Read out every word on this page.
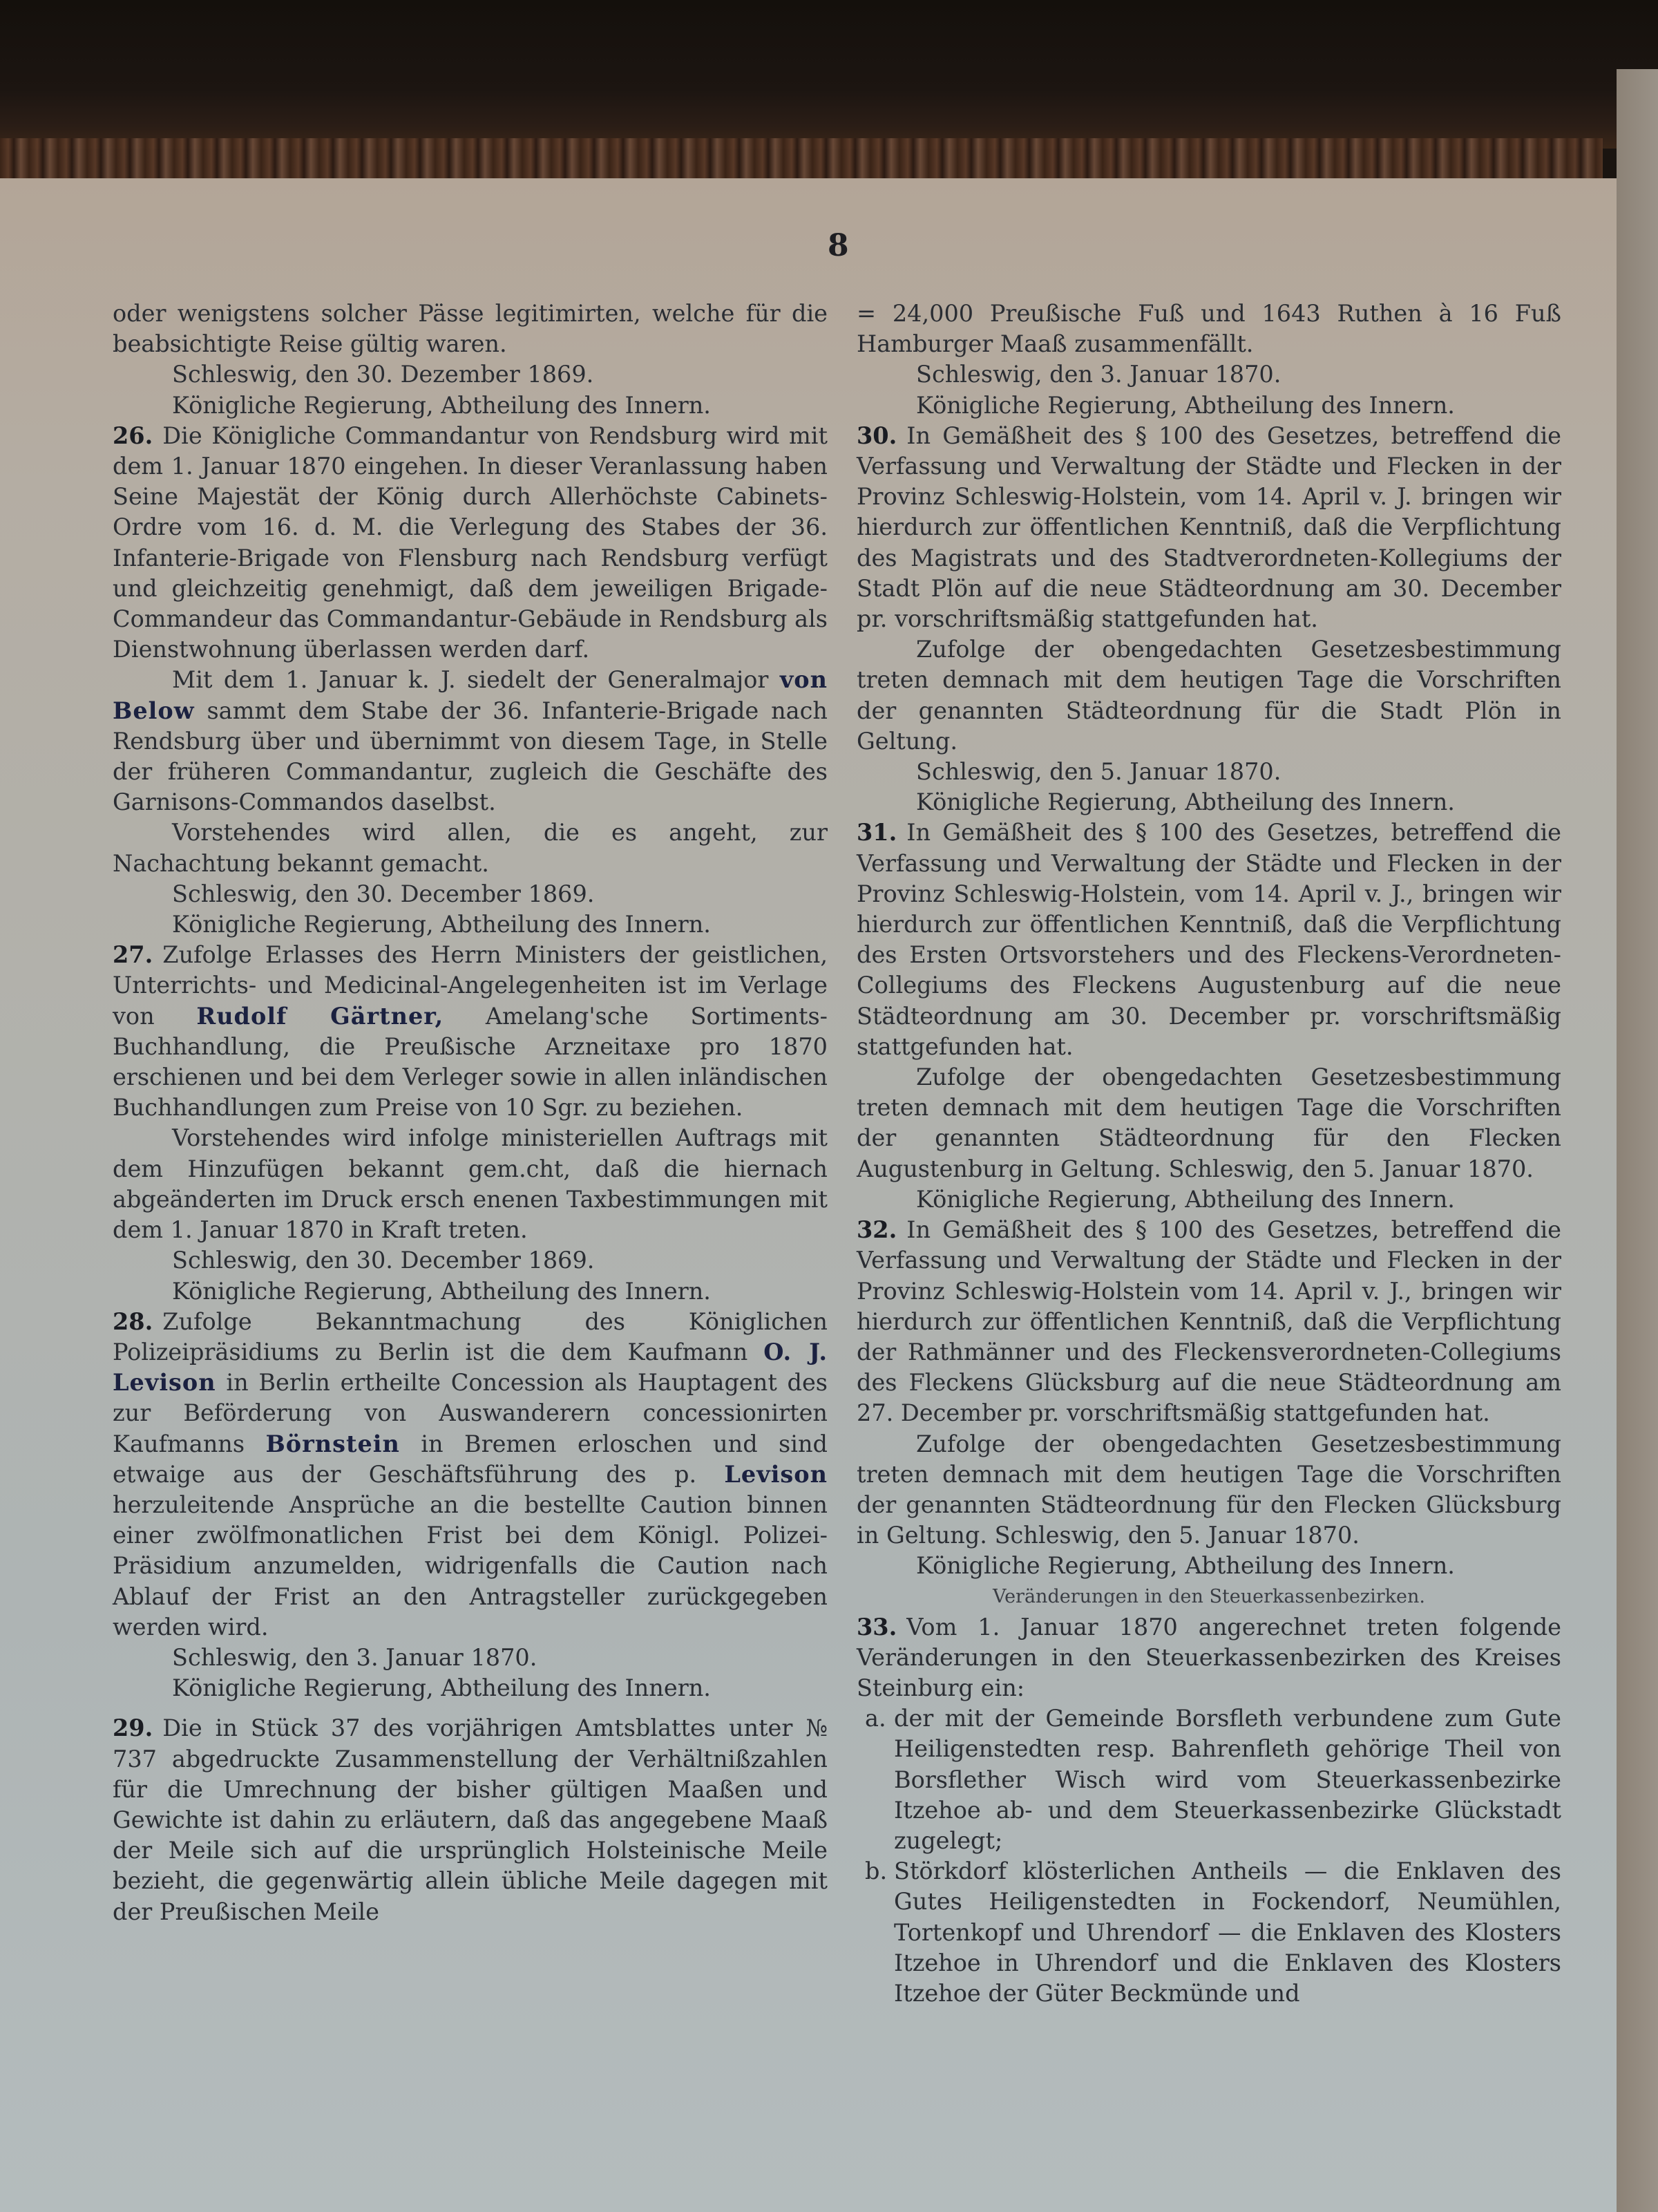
8

oder wenigstens solcher Pässe legitimirten, welche für die beabsichtigte Reise gültig waren.

Schleswig, den 30. Dezember 1869.

Königliche Regierung, Abtheilung des Innern.

26. Die Königliche Commandantur von Rendsburg wird mit dem 1. Januar 1870 eingehen. In dieser Veranlassung haben Seine Majestät der König durch Allerhöchste Cabinets-Ordre vom 16. d. M. die Verlegung des Stabes der 36. Infanterie-Brigade von Flensburg nach Rendsburg verfügt und gleichzeitig genehmigt, daß dem jeweiligen Brigade-Commandeur das Commandantur-Gebäude in Rendsburg als Dienstwohnung überlassen werden darf.

Mit dem 1. Januar k. J. siedelt der Generalmajor von Below sammt dem Stabe der 36. Infanterie-Brigade nach Rendsburg über und übernimmt von diesem Tage, in Stelle der früheren Commandantur, zugleich die Geschäfte des Garnisons-Commandos daselbst.

Vorstehendes wird allen, die es angeht, zur Nachachtung bekannt gemacht.

Schleswig, den 30. December 1869.

Königliche Regierung, Abtheilung des Innern.

27. Zufolge Erlasses des Herrn Ministers der geistlichen, Unterrichts- und Medicinal-Angelegenheiten ist im Verlage von Rudolf Gärtner, Amelang'sche Sortiments-Buchhandlung, die Preußische Arzneitaxe pro 1870 erschienen und bei dem Verleger sowie in allen inländischen Buchhandlungen zum Preise von 10 Sgr. zu beziehen.

Vorstehendes wird infolge ministeriellen Auftrags mit dem Hinzufügen bekannt gem.cht, daß die hiernach abgeänderten im Druck ersch enenen Taxbestimmungen mit dem 1. Januar 1870 in Kraft treten.

Schleswig, den 30. December 1869.

Königliche Regierung, Abtheilung des Innern.

28. Zufolge Bekanntmachung des Königlichen Polizeipräsidiums zu Berlin ist die dem Kaufmann O. J. Levison in Berlin ertheilte Concession als Hauptagent des zur Beförderung von Auswanderern concessionirten Kaufmanns Börnstein in Bremen erloschen und sind etwaige aus der Geschäftsführung des p. Levison herzuleitende Ansprüche an die bestellte Caution binnen einer zwölfmonatlichen Frist bei dem Königl. Polizei-Präsidium anzumelden, widrigenfalls die Caution nach Ablauf der Frist an den Antragsteller zurückgegeben werden wird.

Schleswig, den 3. Januar 1870.

Königliche Regierung, Abtheilung des Innern.

29. Die in Stück 37 des vorjährigen Amtsblattes unter № 737 abgedruckte Zusammenstellung der Verhältnißzahlen für die Umrechnung der bisher gültigen Maaßen und Gewichte ist dahin zu erläutern, daß das angegebene Maaß der Meile sich auf die ursprünglich Holsteinische Meile bezieht, die gegenwärtig allein übliche Meile dagegen mit der Preußischen Meile

= 24,000 Preußische Fuß und 1643 Ruthen à 16 Fuß Hamburger Maaß zusammenfällt.

Schleswig, den 3. Januar 1870.

Königliche Regierung, Abtheilung des Innern.

30. In Gemäßheit des § 100 des Gesetzes, betreffend die Verfassung und Verwaltung der Städte und Flecken in der Provinz Schleswig-Holstein, vom 14. April v. J. bringen wir hierdurch zur öffentlichen Kenntniß, daß die Verpflichtung des Magistrats und des Stadtverordneten-Kollegiums der Stadt Plön auf die neue Städteordnung am 30. December pr. vorschriftsmäßig stattgefunden hat.

Zufolge der obengedachten Gesetzesbestimmung treten demnach mit dem heutigen Tage die Vorschriften der genannten Städteordnung für die Stadt Plön in Geltung.

Schleswig, den 5. Januar 1870.

Königliche Regierung, Abtheilung des Innern.

31. In Gemäßheit des § 100 des Gesetzes, betreffend die Verfassung und Verwaltung der Städte und Flecken in der Provinz Schleswig-Holstein, vom 14. April v. J., bringen wir hierdurch zur öffentlichen Kenntniß, daß die Verpflichtung des Ersten Ortsvorstehers und des Fleckens-Verordneten-Collegiums des Fleckens Augustenburg auf die neue Städteordnung am 30. December pr. vorschriftsmäßig stattgefunden hat.

Zufolge der obengedachten Gesetzesbestimmung treten demnach mit dem heutigen Tage die Vorschriften der genannten Städteordnung für den Flecken Augustenburg in Geltung. Schleswig, den 5. Januar 1870.

Königliche Regierung, Abtheilung des Innern.

32. In Gemäßheit des § 100 des Gesetzes, betreffend die Verfassung und Verwaltung der Städte und Flecken in der Provinz Schleswig-Holstein vom 14. April v. J., bringen wir hierdurch zur öffentlichen Kenntniß, daß die Verpflichtung der Rathmänner und des Fleckensverordneten-Collegiums des Fleckens Glücksburg auf die neue Städteordnung am 27. December pr. vorschriftsmäßig stattgefunden hat.

Zufolge der obengedachten Gesetzesbestimmung treten demnach mit dem heutigen Tage die Vorschriften der genannten Städteordnung für den Flecken Glücksburg in Geltung. Schleswig, den 5. Januar 1870.

Königliche Regierung, Abtheilung des Innern.

Veränderungen in den Steuerkassenbezirken.

33. Vom 1. Januar 1870 angerechnet treten folgende Veränderungen in den Steuerkassenbezirken des Kreises Steinburg ein:

a. der mit der Gemeinde Borsfleth verbundene zum Gute Heiligenstedten resp. Bahrenfleth gehörige Theil von Borsflether Wisch wird vom Steuerkassenbezirke Itzehoe ab- und dem Steuerkassenbezirke Glückstadt zugelegt;
b. Störkdorf klösterlichen Antheils — die Enklaven des Gutes Heiligenstedten in Fockendorf, Neumühlen, Tortenkopf und Uhrendorf — die Enklaven des Klosters Itzehoe in Uhrendorf und die Enklaven des Klosters Itzehoe der Güter Beckmünde und
